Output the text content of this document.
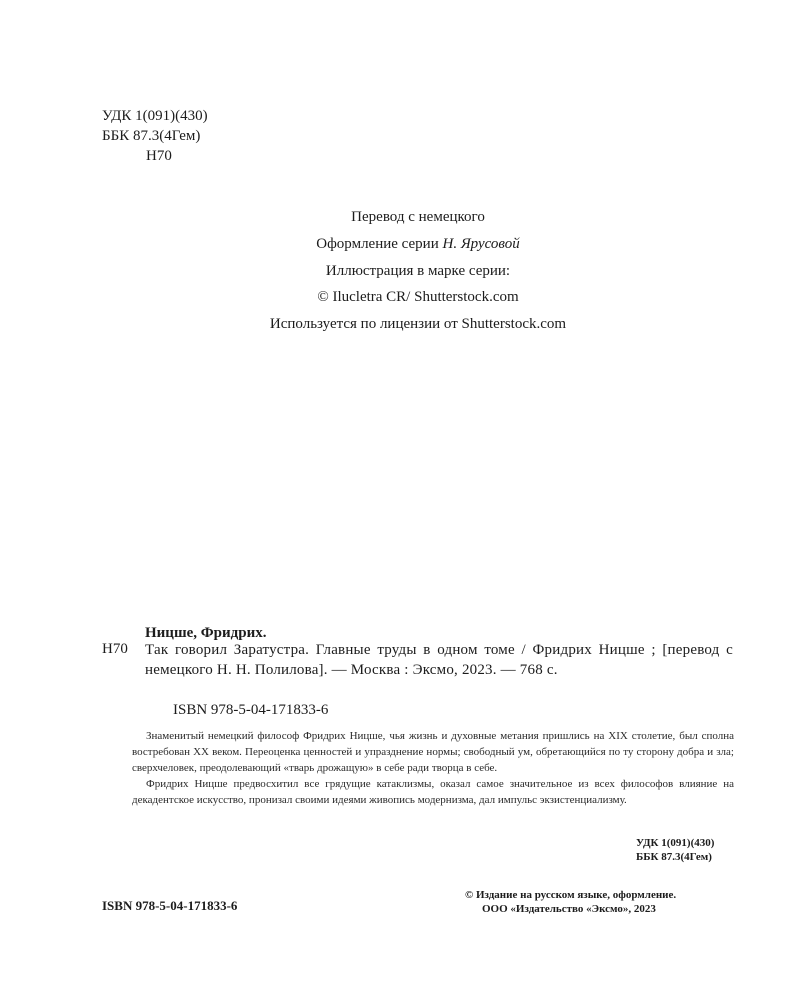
УДК 1(091)(430)
ББК 87.3(4Гем)
Н70
Перевод с немецкого
Оформление серии Н. Ярусовой
Иллюстрация в марке серии:
© Iluсletra CR/ Shutterstock.com
Используется по лицензии от Shutterstock.com
Ницше, Фридрих.
Н70 Так говорил Заратустра. Главные труды в одном томе / Фридрих Ницше ; [перевод с немецкого Н. Н. Полилова]. — Москва : Эксмо, 2023. — 768 с.
ISBN 978-5-04-171833-6

Знаменитый немецкий философ Фридрих Ницше, чья жизнь и духовные метания пришлись на XIX столетие, был сполна востребован XX веком. Переоценка ценностей и упразднение нормы; свободный ум, обретающийся по ту сторону добра и зла; сверхчеловек, преодолевающий «тварь дрожащую» в себе ради творца в себе.

Фридрих Ницше предвосхитил все грядущие катаклизмы, оказал самое значительное из всех философов влияние на декадентское искусство, пронизал своими идеями живопись модернизма, дал импульс экзистенциализму.

УДК 1(091)(430)
ББК 87.3(4Гем)
ISBN 978-5-04-171833-6
© Издание на русском языке, оформление.
ООО «Издательство «Эксмо», 2023
